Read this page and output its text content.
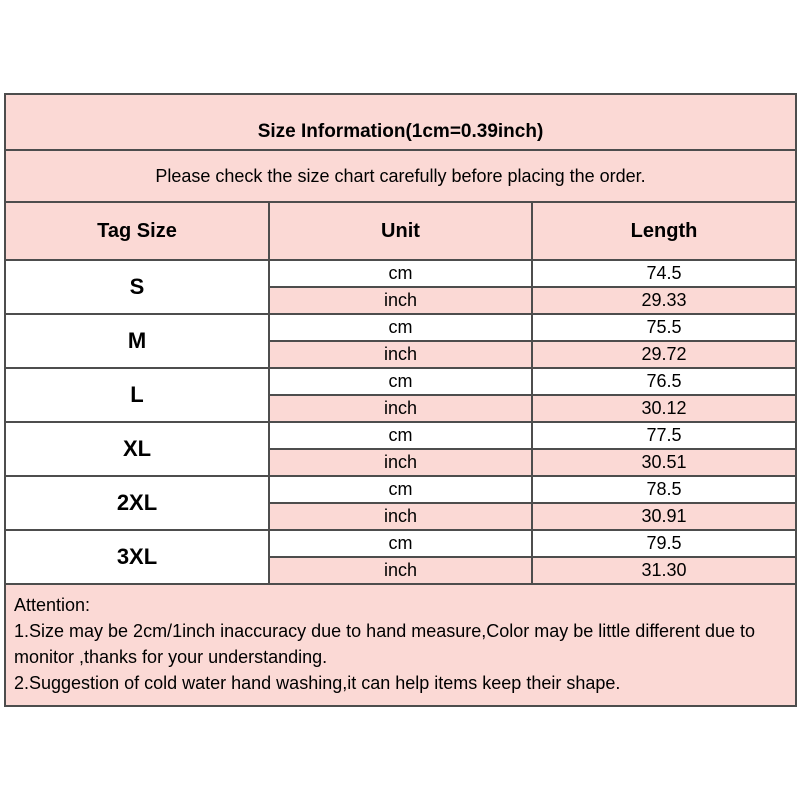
Size Information(1cm=0.39inch)
Please check the size chart carefully before placing the order.
Tag Size	Unit	Length
S	cm	74.5
	inch	29.33
M	cm	75.5
	inch	29.72
L	cm	76.5
	inch	30.12
XL	cm	77.5
	inch	30.51
2XL	cm	78.5
	inch	30.91
3XL	cm	79.5
	inch	31.30
Attention:
1.Size may be 2cm/1inch inaccuracy due to hand measure,Color may be little different due to monitor ,thanks for your understanding.
2.Suggestion of cold water hand washing,it can help items keep their shape.
